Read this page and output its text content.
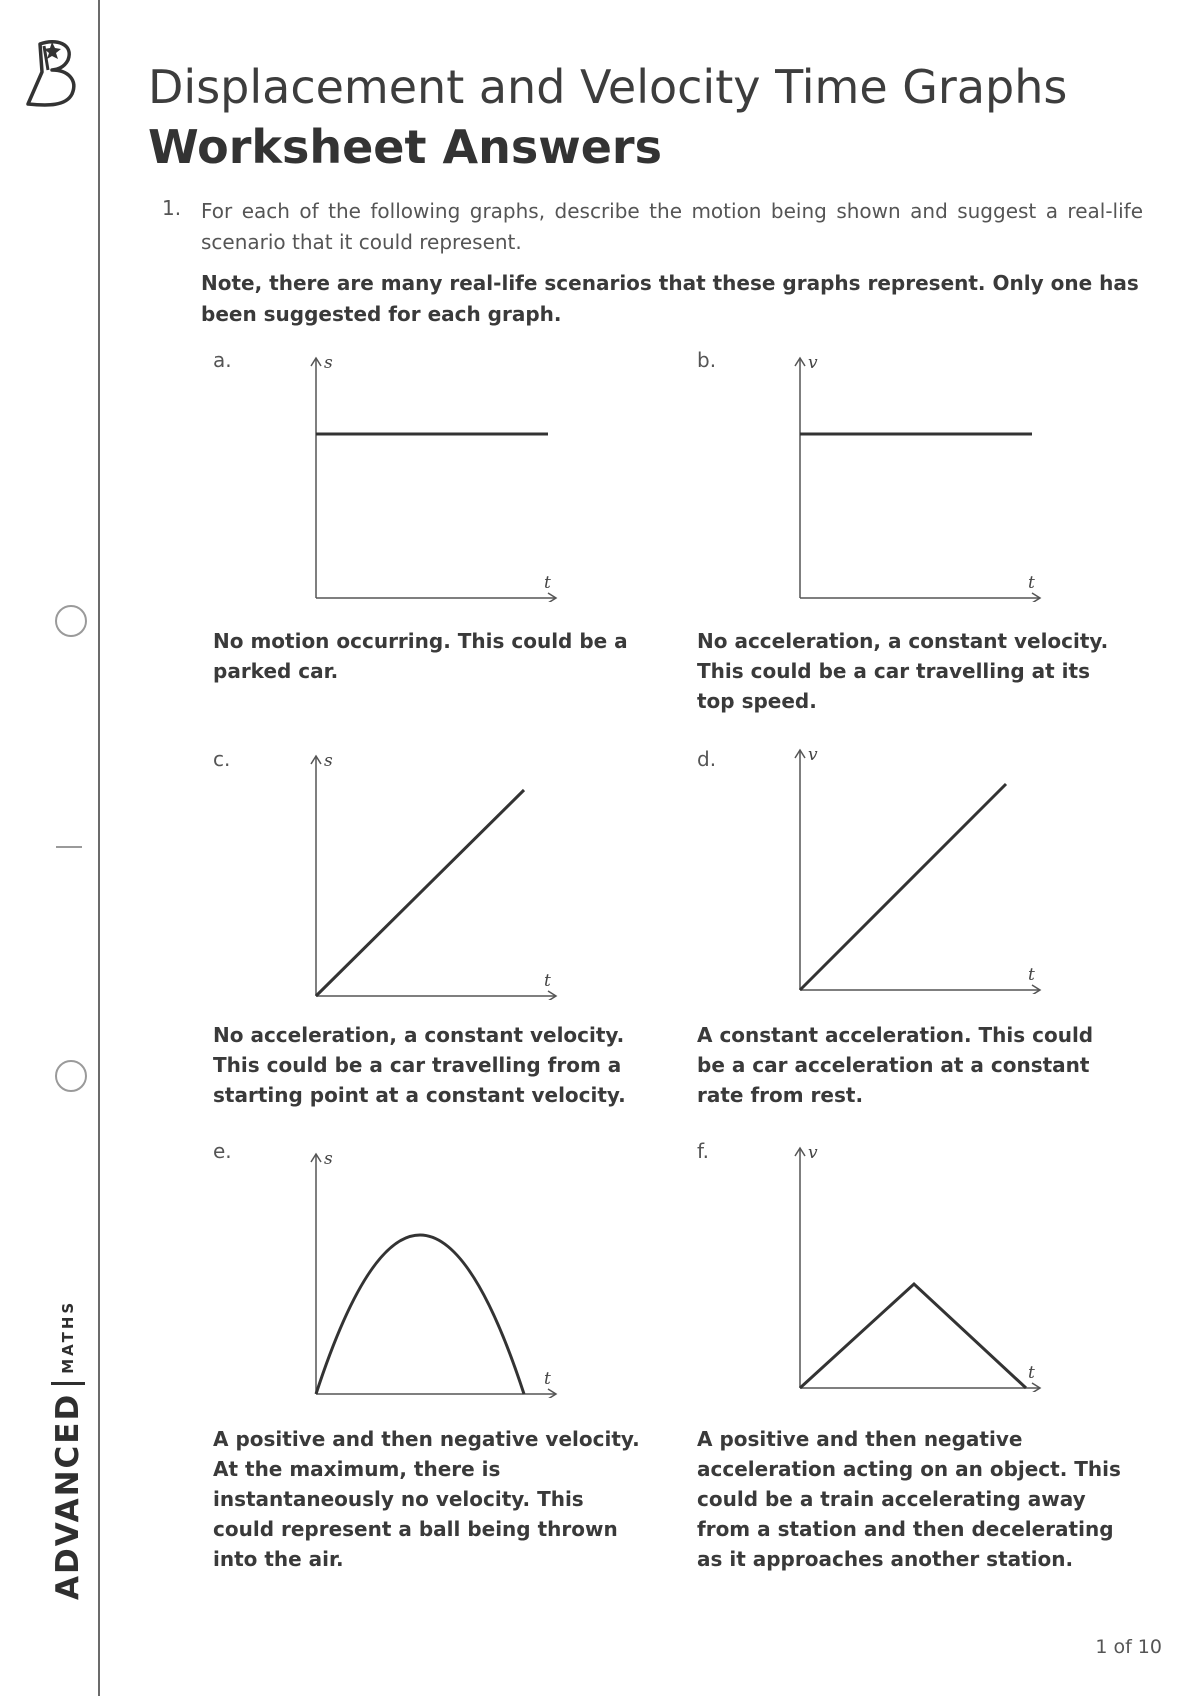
ADVANCED
MATHS
Displacement and Velocity Time Graphs
Worksheet Answers
1. For each of the following graphs, describe the motion being shown and suggest a real-life scenario that it could represent.
Note, there are many real-life scenarios that these graphs represent. Only one has been suggested for each graph.
a.	s
t
No motion occurring. This could be a parked car.
b.	v
t
No acceleration, a constant velocity. This could be a car travelling at its top speed.
c.	s
t
No acceleration, a constant velocity. This could be a car travelling from a starting point at a constant velocity.
d.	v
t
A constant acceleration. This could be a car acceleration at a constant rate from rest.
e.	s
t
A positive and then negative velocity. At the maximum, there is instantaneously no velocity. This could represent a ball being thrown into the air.
f.	v
t
A positive and then negative acceleration acting on an object. This could be a train accelerating away from a station and then decelerating as it approaches another station.
1 of 10
